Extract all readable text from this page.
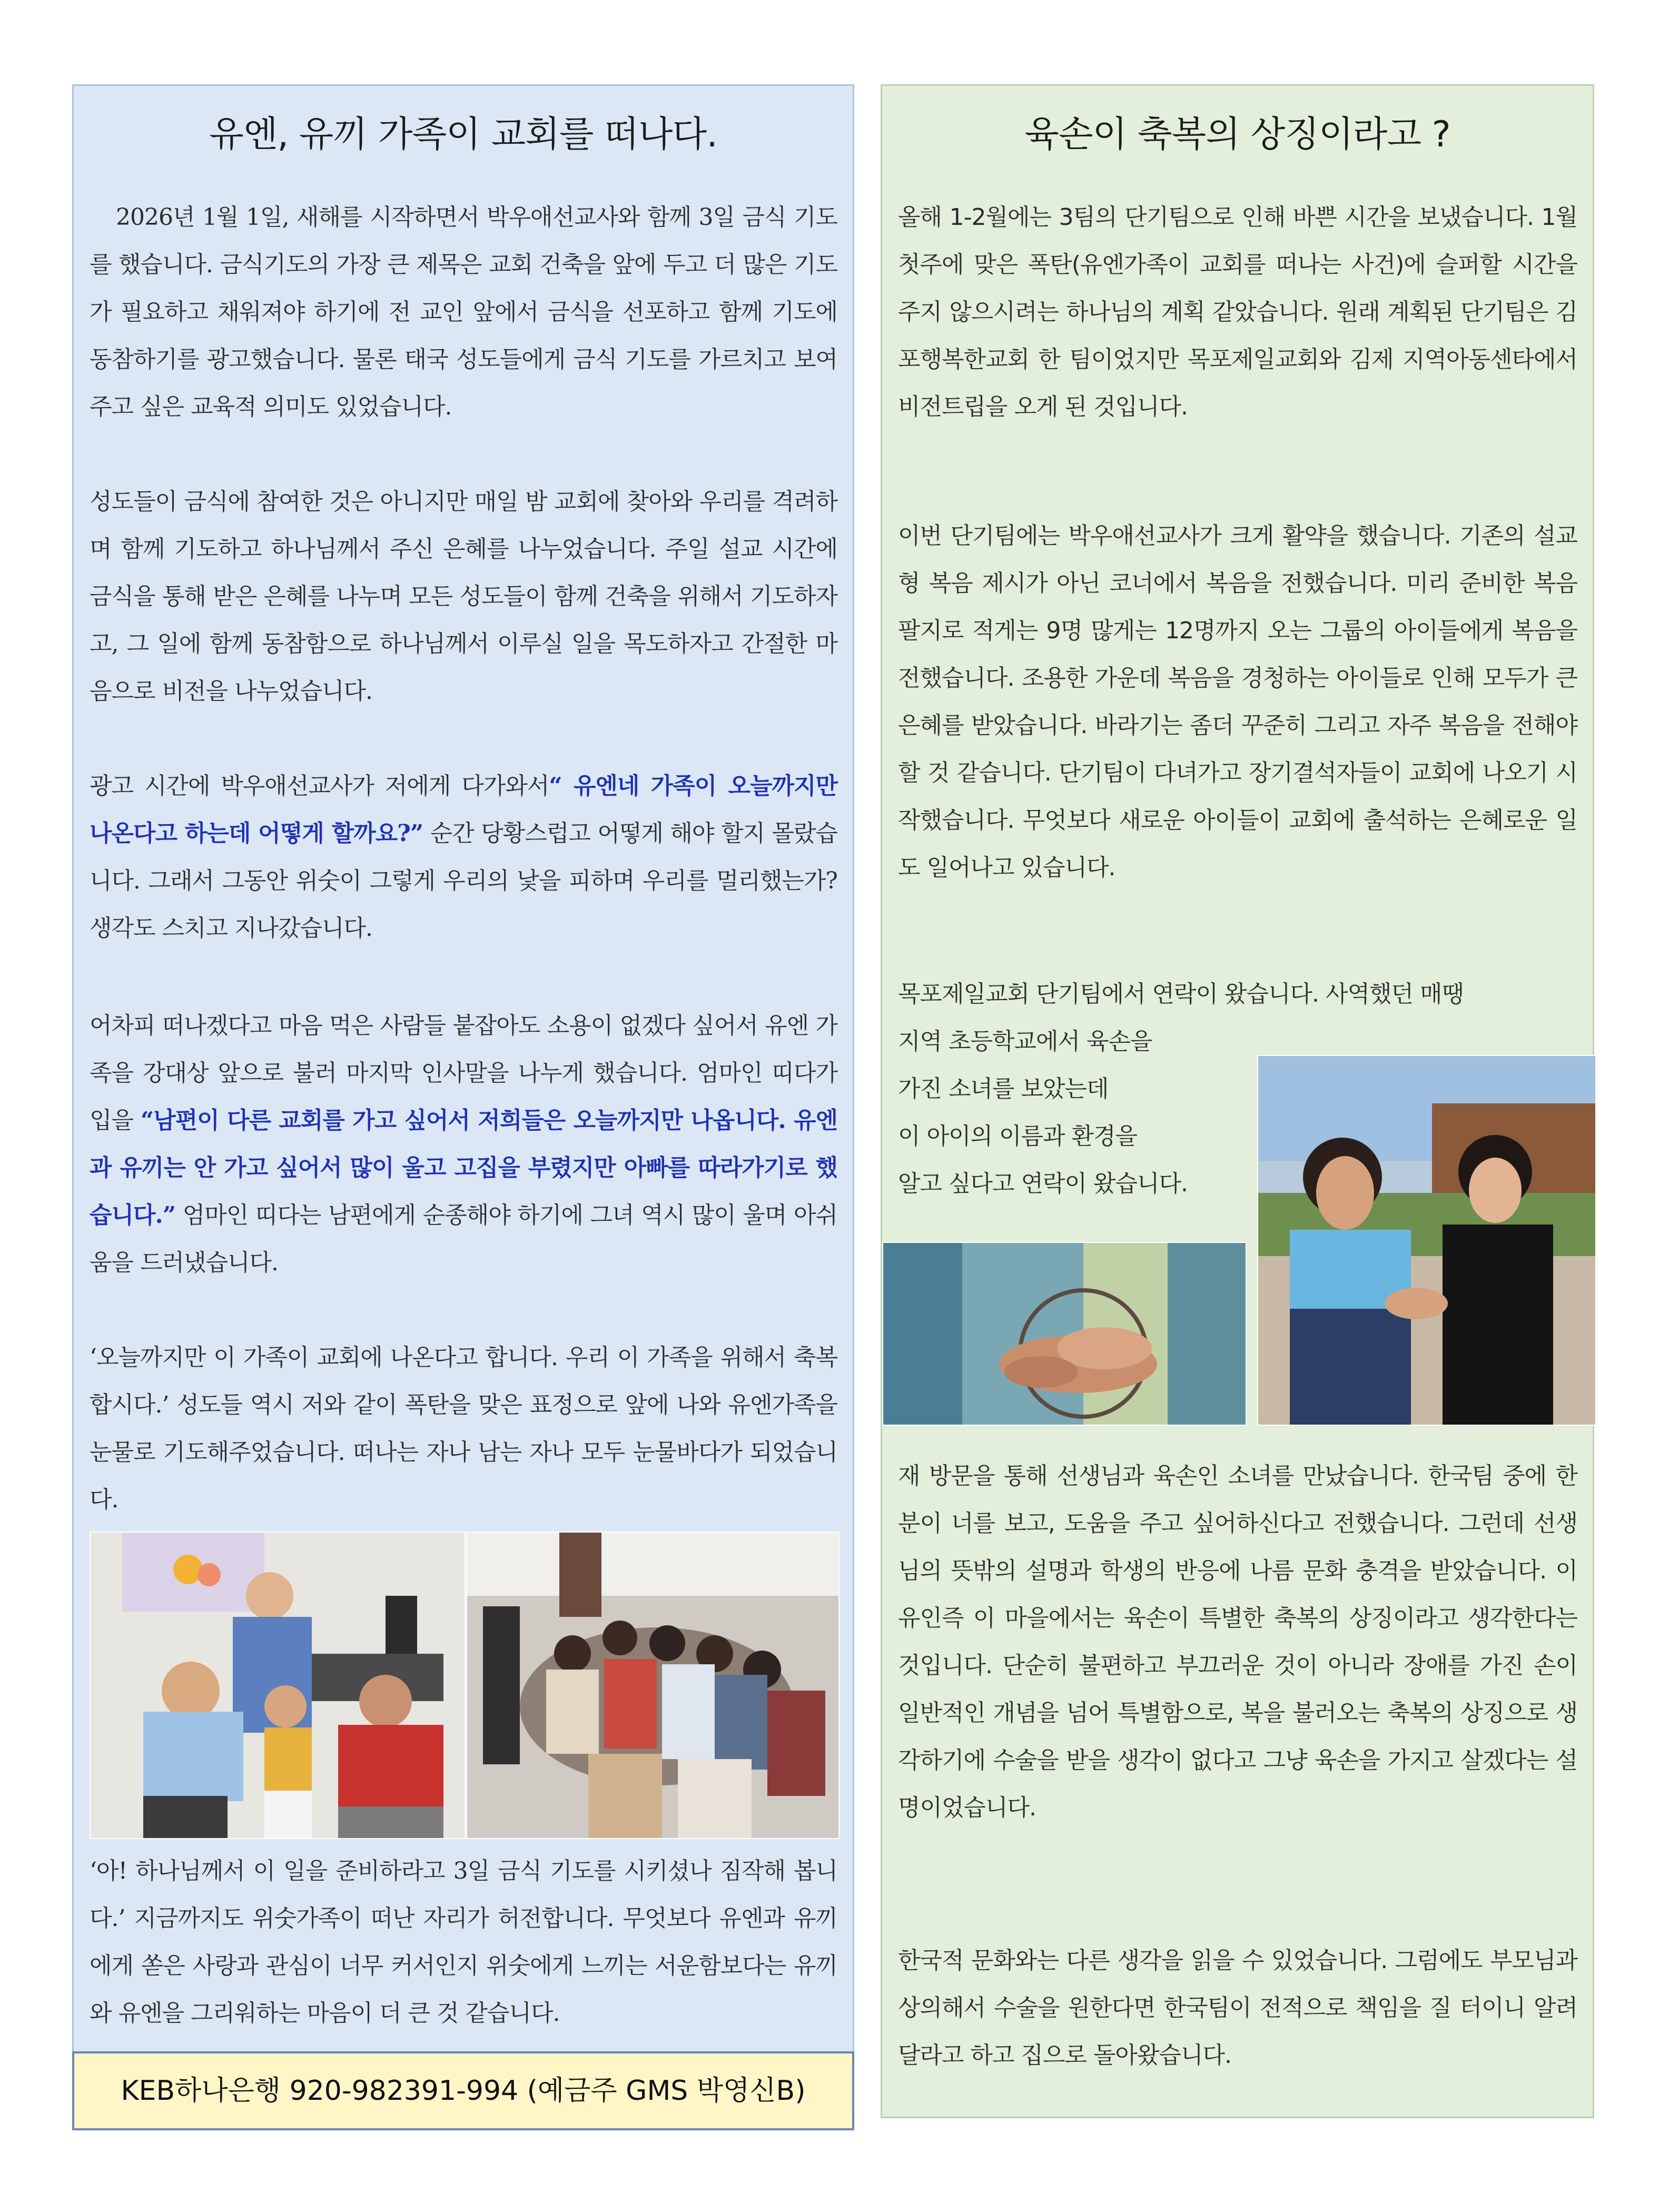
유엔, 유끼 가족이 교회를 떠나다.

2026년 1월 1일, 새해를 시작하면서 박우애선교사와 함께 3일 금식 기도를 했습니다. 금식기도의 가장 큰 제목은 교회 건축을 앞에 두고 더 많은 기도가 필요하고 채워져야 하기에 전 교인 앞에서 금식을 선포하고 함께 기도에 동참하기를 광고했습니다. 물론 태국 성도들에게 금식 기도를 가르치고 보여주고 싶은 교육적 의미도 있었습니다.

성도들이 금식에 참여한 것은 아니지만 매일 밤 교회에 찾아와 우리를 격려하며 함께 기도하고 하나님께서 주신 은혜를 나누었습니다. 주일 설교 시간에 금식을 통해 받은 은혜를 나누며 모든 성도들이 함께 건축을 위해서 기도하자고, 그 일에 함께 동참함으로 하나님께서 이루실 일을 목도하자고 간절한 마음으로 비전을 나누었습니다.

광고 시간에 박우애선교사가 저에게 다가와서“ 유엔네 가족이 오늘까지만 나온다고 하는데 어떻게 할까요?” 순간 당황스럽고 어떻게 해야 할지 몰랐습니다. 그래서 그동안 위숫이 그렇게 우리의 낯을 피하며 우리를 멀리했는가? 생각도 스치고 지나갔습니다.

어차피 떠나겠다고 마음 먹은 사람들 붙잡아도 소용이 없겠다 싶어서 유엔 가족을 강대상 앞으로 불러 마지막 인사말을 나누게 했습니다. 엄마인 띠다가 입을 “남편이 다른 교회를 가고 싶어서 저희들은 오늘까지만 나옵니다. 유엔과 유끼는 안 가고 싶어서 많이 울고 고집을 부렸지만 아빠를 따라가기로 했습니다.” 엄마인 띠다는 남편에게 순종해야 하기에 그녀 역시 많이 울며 아쉬움을 드러냈습니다.

‘오늘까지만 이 가족이 교회에 나온다고 합니다. 우리 이 가족을 위해서 축복합시다.’ 성도들 역시 저와 같이 폭탄을 맞은 표정으로 앞에 나와 유엔가족을 눈물로 기도해주었습니다. 떠나는 자나 남는 자나 모두 눈물바다가 되었습니다.

‘아! 하나님께서 이 일을 준비하라고 3일 금식 기도를 시키셨나 짐작해 봅니다.’ 지금까지도 위숫가족이 떠난 자리가 허전합니다. 무엇보다 유엔과 유끼에게 쏟은 사랑과 관심이 너무 커서인지 위숫에게 느끼는 서운함보다는 유끼와 유엔을 그리워하는 마음이 더 큰 것 같습니다.

KEB하나은행 920-982391-994 (예금주 GMS 박영신B)
육손이 축복의 상징이라고 ?

올해 1-2월에는 3팀의 단기팀으로 인해 바쁜 시간을 보냈습니다. 1월 첫주에 맞은 폭탄(유엔가족이 교회를 떠나는 사건)에 슬퍼할 시간을 주지 않으시려는 하나님의 계획 같았습니다. 원래 계획된 단기팀은 김포행복한교회 한 팀이었지만 목포제일교회와 김제 지역아동센타에서 비전트립을 오게 된 것입니다.

이번 단기팀에는 박우애선교사가 크게 활약을 했습니다. 기존의 설교형 복음 제시가 아닌 코너에서 복음을 전했습니다. 미리 준비한 복음 팔지로 적게는 9명 많게는 12명까지 오는 그룹의 아이들에게 복음을 전했습니다. 조용한 가운데 복음을 경청하는 아이들로 인해 모두가 큰 은혜를 받았습니다. 바라기는 좀더 꾸준히 그리고 자주 복음을 전해야 할 것 같습니다. 단기팀이 다녀가고 장기결석자들이 교회에 나오기 시작했습니다. 무엇보다 새로운 아이들이 교회에 출석하는 은혜로운 일도 일어나고 있습니다.

목포제일교회 단기팀에서 연락이 왔습니다. 사역했던 매땡
지역 초등학교에서 육손을
가진 소녀를 보았는데
이 아이의 이름과 환경을
알고 싶다고 연락이 왔습니다.

재 방문을 통해 선생님과 육손인 소녀를 만났습니다. 한국팀 중에 한 분이 너를 보고, 도움을 주고 싶어하신다고 전했습니다. 그런데 선생님의 뜻밖의 설명과 학생의 반응에 나름 문화 충격을 받았습니다. 이유인즉 이 마을에서는 육손이 특별한 축복의 상징이라고 생각한다는 것입니다. 단순히 불편하고 부끄러운 것이 아니라 장애를 가진 손이 일반적인 개념을 넘어 특별함으로, 복을 불러오는 축복의 상징으로 생각하기에 수술을 받을 생각이 없다고 그냥 육손을 가지고 살겠다는 설명이었습니다.

한국적 문화와는 다른 생각을 읽을 수 있었습니다. 그럼에도 부모님과 상의해서 수술을 원한다면 한국팀이 전적으로 책임을 질 터이니 알려달라고 하고 집으로 돌아왔습니다.
